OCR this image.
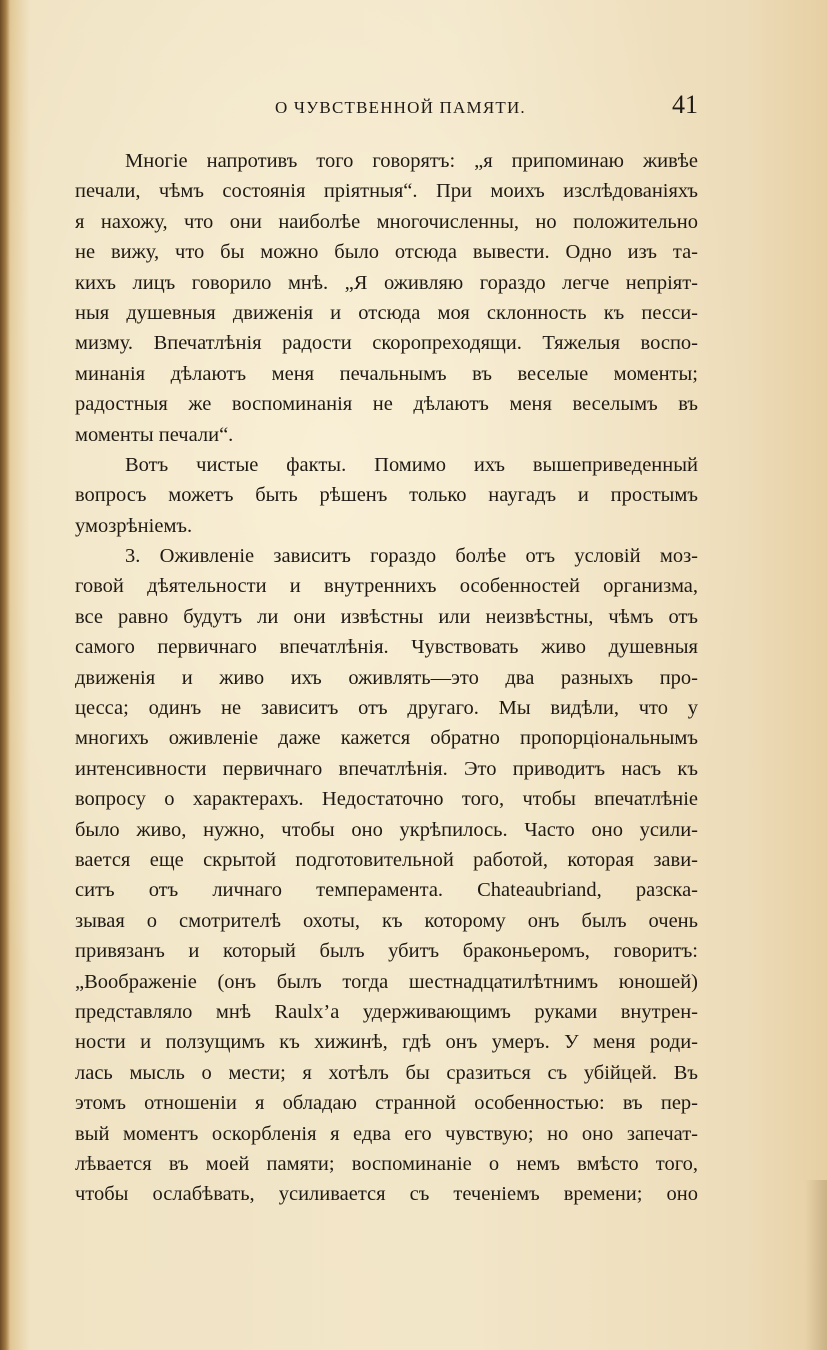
О ЧУВСТВЕННОЙ ПАМЯТИ.	41
Многіе напротивъ того говорятъ: „я припоминаю живѣе
печали, чѣмъ состоянія пріятныя“. При моихъ изслѣдованіяхъ
я нахожу, что они наиболѣе многочисленны, но положительно
не вижу, что бы можно было отсюда вывести. Одно изъ та-
кихъ лицъ говорило мнѣ. „Я оживляю гораздо легче непріят-
ныя душевныя движенія и отсюда моя склонность къ песси-
мизму. Впечатлѣнія радости скоропреходящи. Тяжелыя воспо-
минанія дѣлаютъ меня печальнымъ въ веселые моменты;
радостныя же воспоминанія не дѣлаютъ меня веселымъ въ
моменты печали“.
Вотъ чистые факты. Помимо ихъ вышеприведенный
вопросъ можетъ быть рѣшенъ только наугадъ и простымъ
умозрѣніемъ.
3. Оживленіе зависитъ гораздо болѣе отъ условій моз-
говой дѣятельности и внутреннихъ особенностей организма,
все равно будутъ ли они извѣстны или неизвѣстны, чѣмъ отъ
самого первичнаго впечатлѣнія. Чувствовать живо душевныя
движенія и живо ихъ оживлять—это два разныхъ про-
цесса; одинъ не зависитъ отъ другаго. Мы видѣли, что у
многихъ оживленіе даже кажется обратно пропорціональнымъ
интенсивности первичнаго впечатлѣнія. Это приводитъ насъ къ
вопросу о характерахъ. Недостаточно того, чтобы впечатлѣніе
было живо, нужно, чтобы оно укрѣпилось. Часто оно усили-
вается еще скрытой подготовительной работой, которая зави-
ситъ отъ личнаго темперамента. Chateaubriand, разска-
зывая о смотрителѣ охоты, къ которому онъ былъ очень
привязанъ и который былъ убитъ браконьеромъ, говоритъ:
„Воображеніе (онъ былъ тогда шестнадцатилѣтнимъ юношей)
представляло мнѣ Raulx’а удерживающимъ руками внутрен-
ности и ползущимъ къ хижинѣ, гдѣ онъ умеръ. У меня роди-
лась мысль о мести; я хотѣлъ бы сразиться съ убійцей. Въ
этомъ отношеніи я обладаю странной особенностью: въ пер-
вый моментъ оскорбленія я едва его чувствую; но оно запечат-
лѣвается въ моей памяти; воспоминаніе о немъ вмѣсто того,
чтобы ослабѣвать, усиливается съ теченіемъ времени; оно
